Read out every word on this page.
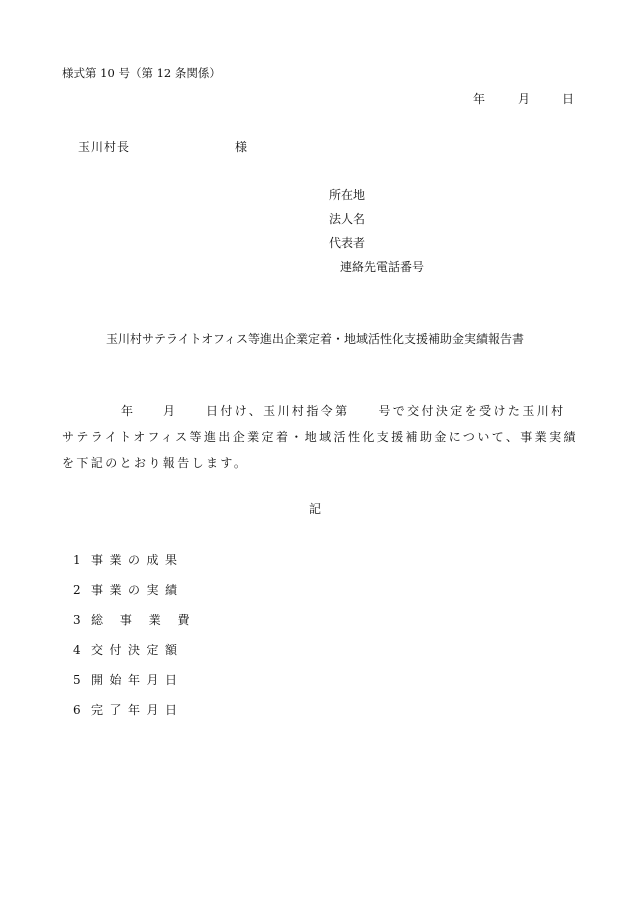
様式第 10 号（第 12 条関係）
年	月	日
玉川村長	様
所在地
法人名
代表者
連絡先電話番号
玉川村サテライトオフィス等進出企業定着・地域活性化支援補助金実績報告書
年 月 日付け、玉川村指令第　　号で交付決定を受けた玉川村
サテライトオフィス等進出企業定着・地域活性化支援補助金について、事業実績
を下記のとおり報告します。
記
1 事業の成果
2 事業の実績
3 総 事 業 費
4 交付決定額
5 開始年月日
6 完了年月日
